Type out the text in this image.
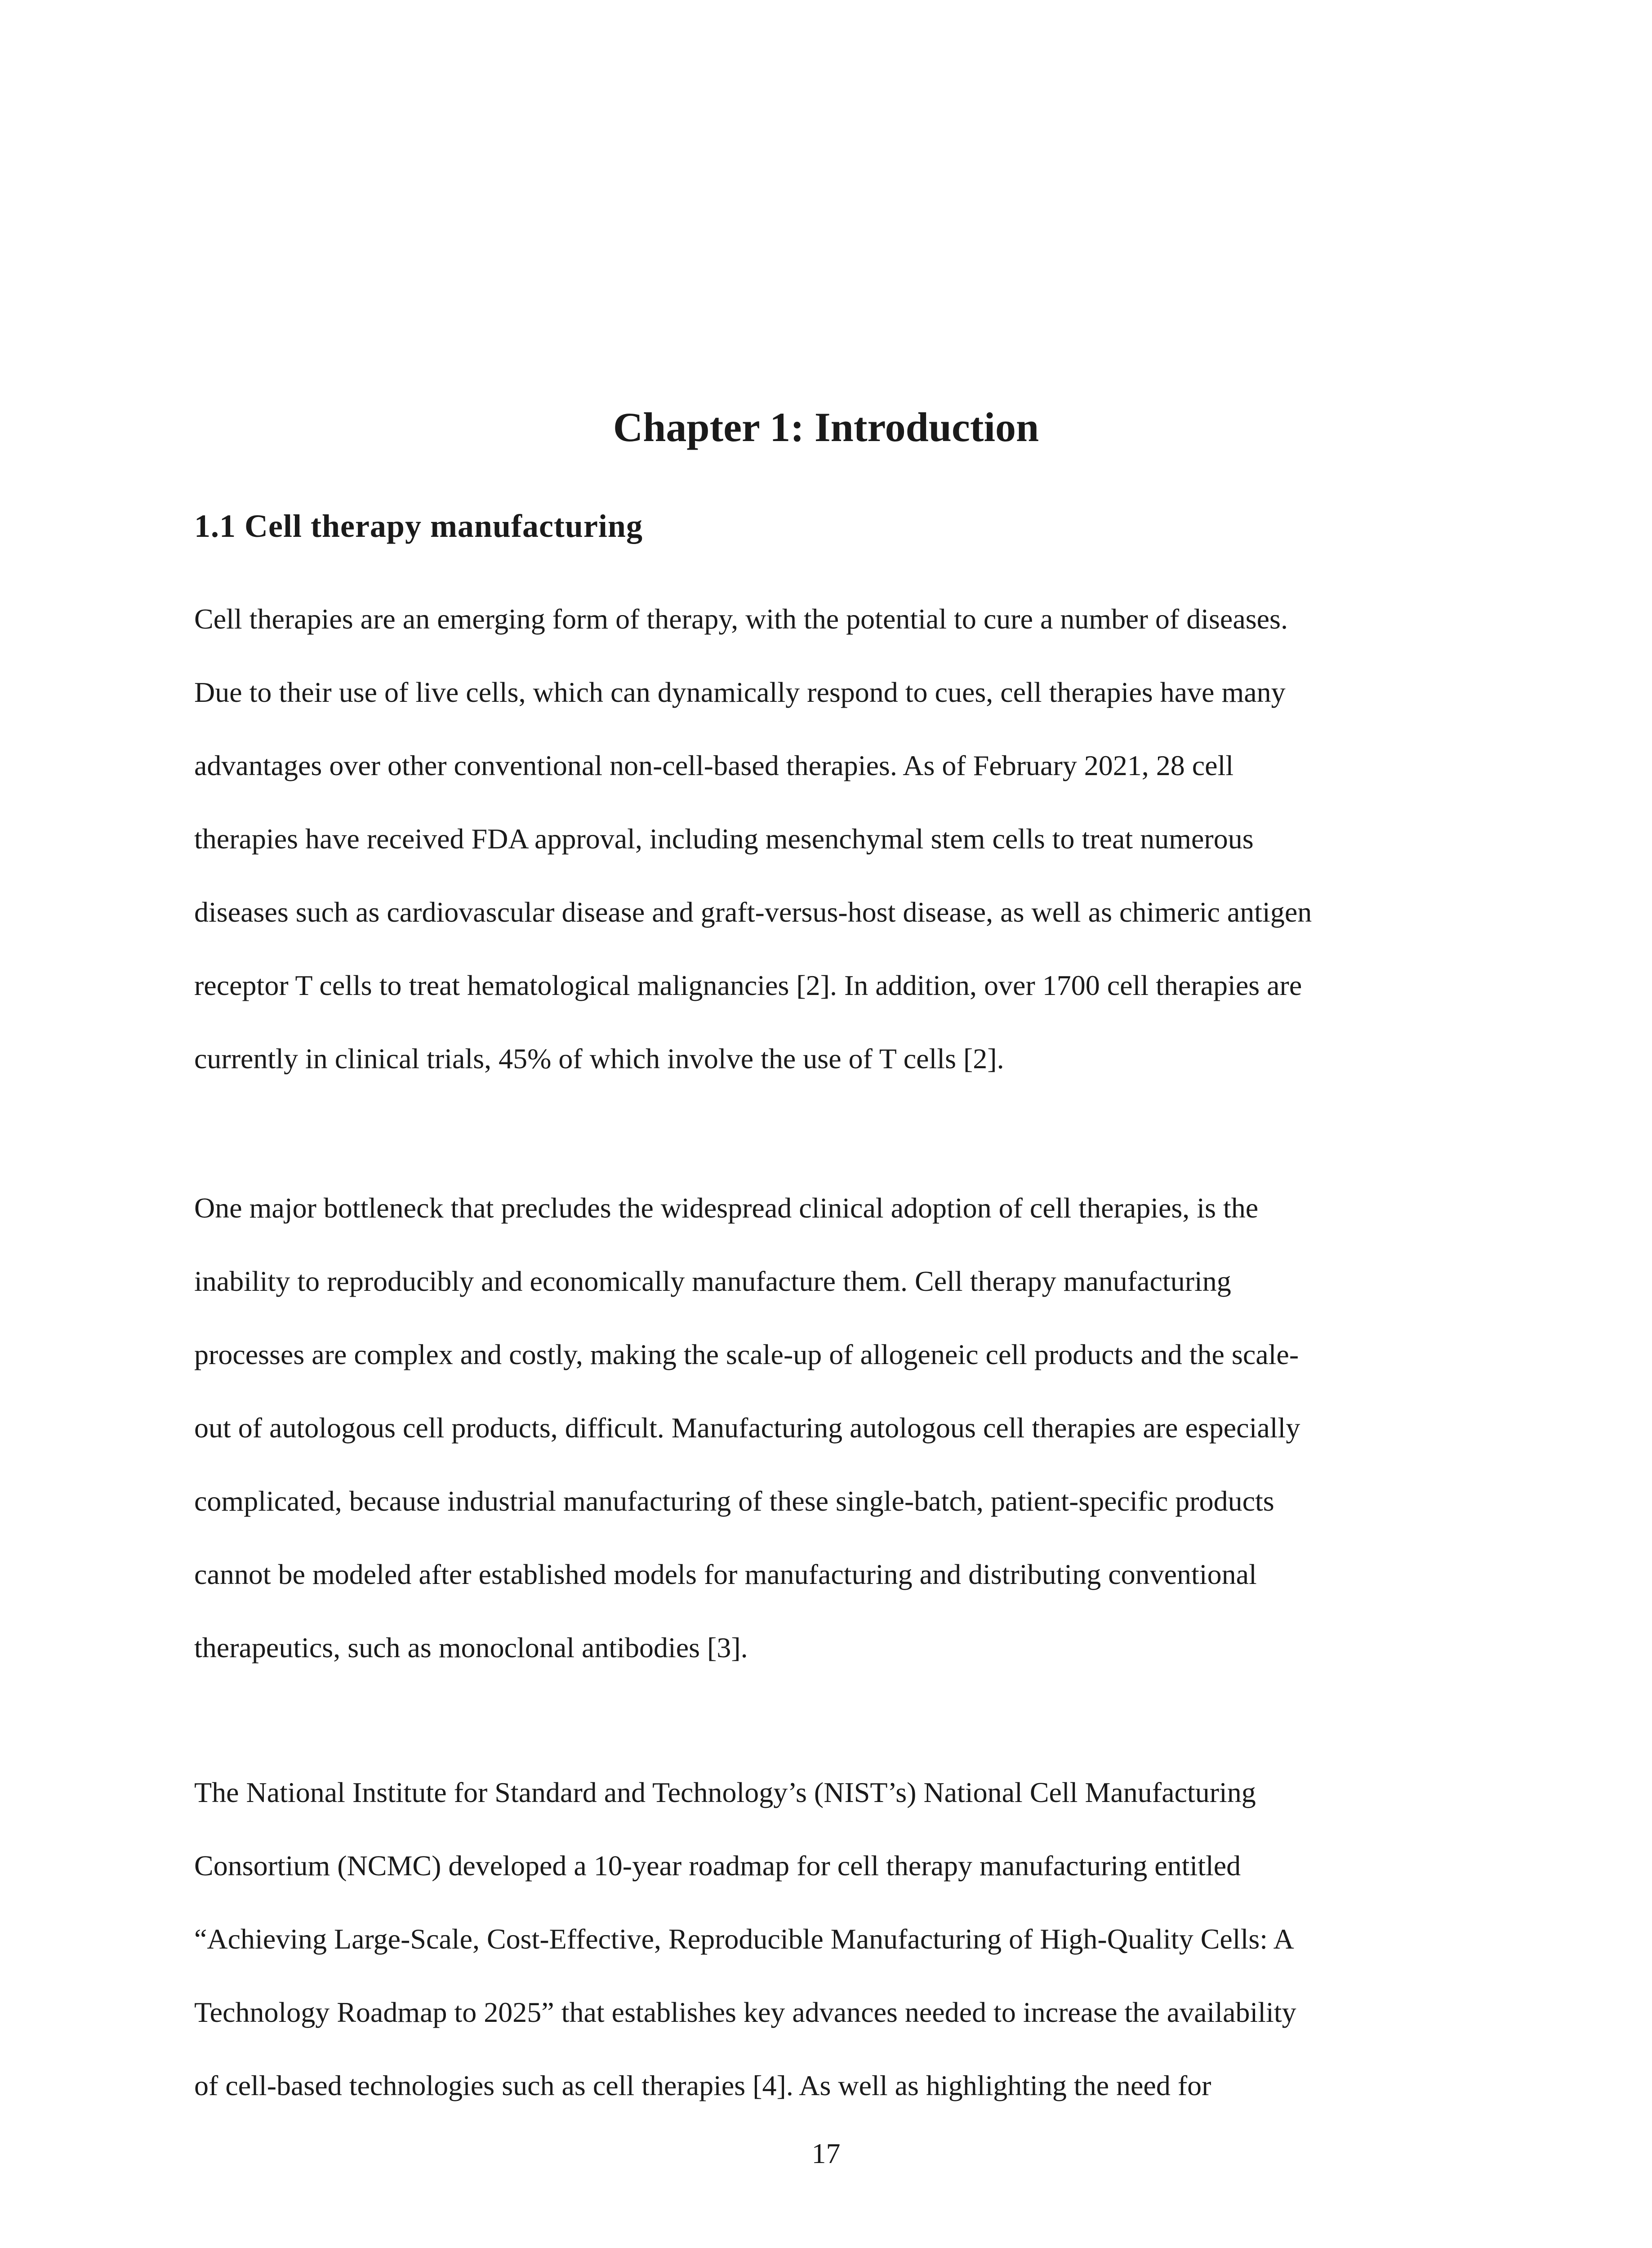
Chapter 1: Introduction
1.1 Cell therapy manufacturing
Cell therapies are an emerging form of therapy, with the potential to cure a number of diseases.
Due to their use of live cells, which can dynamically respond to cues, cell therapies have many
advantages over other conventional non-cell-based therapies. As of February 2021, 28 cell
therapies have received FDA approval, including mesenchymal stem cells to treat numerous
diseases such as cardiovascular disease and graft-versus-host disease, as well as chimeric antigen
receptor T cells to treat hematological malignancies [2]. In addition, over 1700 cell therapies are
currently in clinical trials, 45% of which involve the use of T cells [2].
One major bottleneck that precludes the widespread clinical adoption of cell therapies, is the
inability to reproducibly and economically manufacture them. Cell therapy manufacturing
processes are complex and costly, making the scale-up of allogeneic cell products and the scale-
out of autologous cell products, difficult. Manufacturing autologous cell therapies are especially
complicated, because industrial manufacturing of these single-batch, patient-specific products
cannot be modeled after established models for manufacturing and distributing conventional
therapeutics, such as monoclonal antibodies [3].
The National Institute for Standard and Technology’s (NIST’s) National Cell Manufacturing
Consortium (NCMC) developed a 10-year roadmap for cell therapy manufacturing entitled
“Achieving Large-Scale, Cost-Effective, Reproducible Manufacturing of High-Quality Cells: A
Technology Roadmap to 2025” that establishes key advances needed to increase the availability
of cell-based technologies such as cell therapies [4]. As well as highlighting the need for

17
